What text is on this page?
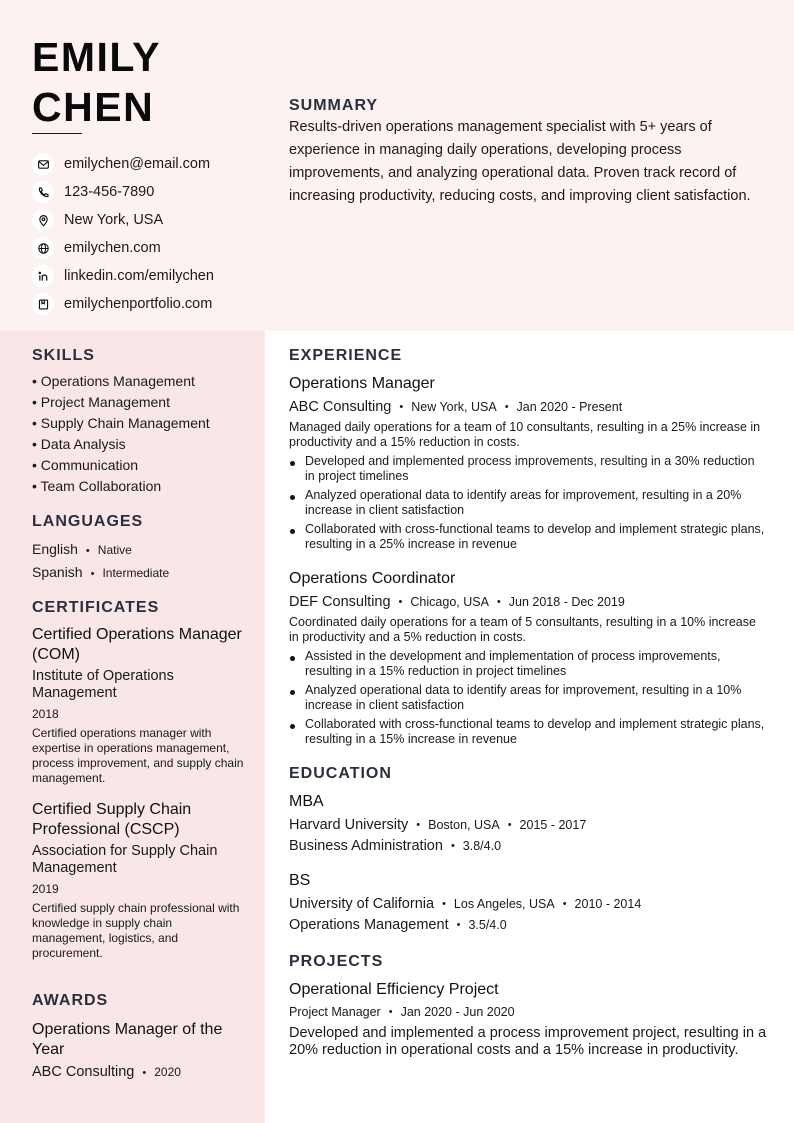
EMILY
CHEN
emilychen@email.com
123-456-7890
New York, USA
emilychen.com
linkedin.com/emilychen
emilychenportfolio.com
SUMMARY
Results-driven operations management specialist with 5+ years of experience in managing daily operations, developing process improvements, and analyzing operational data. Proven track record of increasing productivity, reducing costs, and improving client satisfaction.
SKILLS
• Operations Management
• Project Management
• Supply Chain Management
• Data Analysis
• Communication
• Team Collaboration
LANGUAGES
English • Native
Spanish • Intermediate
CERTIFICATES
Certified Operations Manager (COM)
Institute of Operations Management
2018
Certified operations manager with expertise in operations management, process improvement, and supply chain management.
Certified Supply Chain Professional (CSCP)
Association for Supply Chain Management
2019
Certified supply chain professional with knowledge in supply chain management, logistics, and procurement.
AWARDS
Operations Manager of the Year
ABC Consulting • 2020
EXPERIENCE
Operations Manager
ABC Consulting • New York, USA • Jan 2020 - Present
Managed daily operations for a team of 10 consultants, resulting in a 25% increase in productivity and a 15% reduction in costs.
Developed and implemented process improvements, resulting in a 30% reduction in project timelines
Analyzed operational data to identify areas for improvement, resulting in a 20% increase in client satisfaction
Collaborated with cross-functional teams to develop and implement strategic plans, resulting in a 25% increase in revenue
Operations Coordinator
DEF Consulting • Chicago, USA • Jun 2018 - Dec 2019
Coordinated daily operations for a team of 5 consultants, resulting in a 10% increase in productivity and a 5% reduction in costs.
Assisted in the development and implementation of process improvements, resulting in a 15% reduction in project timelines
Analyzed operational data to identify areas for improvement, resulting in a 10% increase in client satisfaction
Collaborated with cross-functional teams to develop and implement strategic plans, resulting in a 15% increase in revenue
EDUCATION
MBA
Harvard University • Boston, USA • 2015 - 2017
Business Administration • 3.8/4.0
BS
University of California • Los Angeles, USA • 2010 - 2014
Operations Management • 3.5/4.0
PROJECTS
Operational Efficiency Project
Project Manager • Jan 2020 - Jun 2020
Developed and implemented a process improvement project, resulting in a 20% reduction in operational costs and a 15% increase in productivity.
